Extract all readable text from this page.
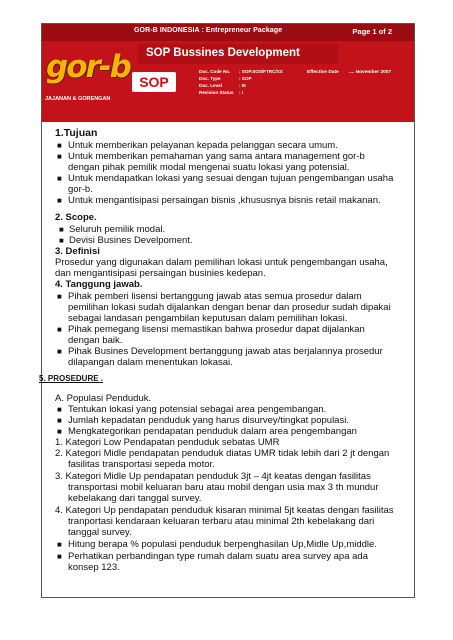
GOR-B INDONESIA : Entrepreneur Package	Page 1 of 2
gor-b
JAJANAN & GORENGAN
SOP Bussines Development
SOP
Doc. Code No. : SOP.SOS/FTRC/XX
Doc. Type	: SOP
Doc. Level	: III
Revision Status : I
Effective Date .... November 2007
1.Tujuan
■ Untuk memberikan pelayanan kepada pelanggan secara umum.
■ Untuk memberikan pemahaman yang sama antara management gor-b
dengan pihak pemilik modal mengenai suatu lokasi yang potensial.
■ Untuk mendapatkan lokasi yang sesuai dengan tujuan pengembangan usaha
gor-b.
■ Untuk mengantisipasi persaingan bisnis ,khususnya bisnis retail makanan.
2. Scope.
■ Seluruh pemilik modal.
■ Devisi Busines Develpoment.
3. Definisi
Prosedur yang digunakan dalam pemilihan lokasi untuk pengembangan usaha,
dan mengantisipasi persaingan businies kedepan.
4. Tanggung jawab.
■ Pihak pemberi lisensi bertanggung jawab atas semua prosedur dalam
pemilihan lokasi sudah dijalankan dengan benar dan prosedur sudah dipakai
sebagai landasan pengambilan keputusan dalam pemilihan lokasi.
■ Pihak pemegang lisensi memastikan bahwa prosedur dapat dijalankan
dengan baik.
■ Pihak Busines Development bertanggung jawab atas berjalannya prosedur
dilapangan dalam menentukan lokasai.
5. PROSEDURE .
A. Populasi Penduduk.
■ Tentukan lokasi yang potensial sebagai area pengembangan.
■ Jumlah kepadatan penduduk yang harus disurvey/tingkat populasi.
■ Mengkategorikan pendapatan penduduk dalam area pengembangan
1. Kategori Low Pendapatan penduduk sebatas UMR
2. Kategori Midle pendapatan penduduk diatas UMR tidak lebih dari 2 jt dengan
fasilitas transportasi sepeda motor.
3. Kategori Midle Up pendapatan penduduk 3jt – 4jt keatas dengan fasilitas
transportasi mobil keluaran baru atau mobil dengan usia max 3 th mundur
kebelakang dari tanggal survey.
4. Kategori Up pendapatan penduduk kisaran minimal 5jt keatas dengan fasilitas
tranportasi kendaraan keluaran terbaru atau minimal 2th kebelakang dari
tanggal survey.
■ Hitung berapa % populasi penduduk berpenghasilan Up,Midle Up,middle.
■ Perhatikan perbandingan type rumah dalam suatu area survey apa ada
konsep 123.
